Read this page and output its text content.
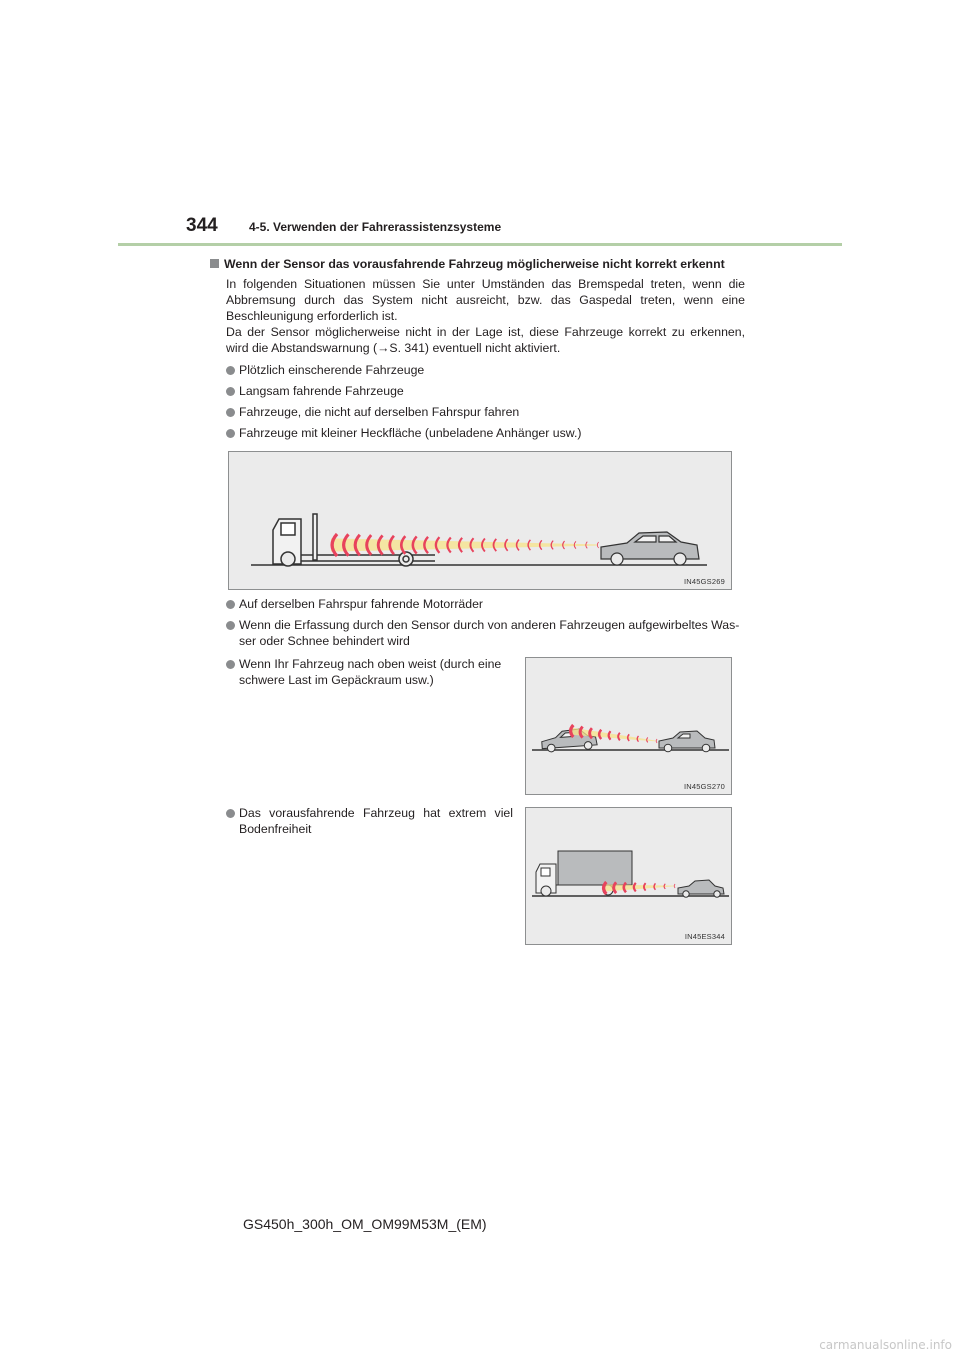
344	4-5. Verwenden der Fahrerassistenzsysteme
Wenn der Sensor das vorausfahrende Fahrzeug möglicherweise nicht korrekt erkennt
In folgenden Situationen müssen Sie unter Umständen das Bremspedal treten, wenn die
Abbremsung durch das System nicht ausreicht, bzw. das Gaspedal treten, wenn eine
Beschleunigung erforderlich ist.
Da der Sensor möglicherweise nicht in der Lage ist, diese Fahrzeuge korrekt zu erkennen,
wird die Abstandswarnung (→S. 341) eventuell nicht aktiviert.
Plötzlich einscherende Fahrzeuge
Langsam fahrende Fahrzeuge
Fahrzeuge, die nicht auf derselben Fahrspur fahren
Fahrzeuge mit kleiner Heckfläche (unbeladene Anhänger usw.)
IN45GS269
Auf derselben Fahrspur fahrende Motorräder
Wenn die Erfassung durch den Sensor durch von anderen Fahrzeugen aufgewirbeltes Was-
ser oder Schnee behindert wird
Wenn Ihr Fahrzeug nach oben weist (durch eine
schwere Last im Gepäckraum usw.)
IN45GS270
Das vorausfahrende Fahrzeug hat extrem viel
Bodenfreiheit
IN45ES344
GS450h_300h_OM_OM99M53M_(EM)
carmanualsonline.info
